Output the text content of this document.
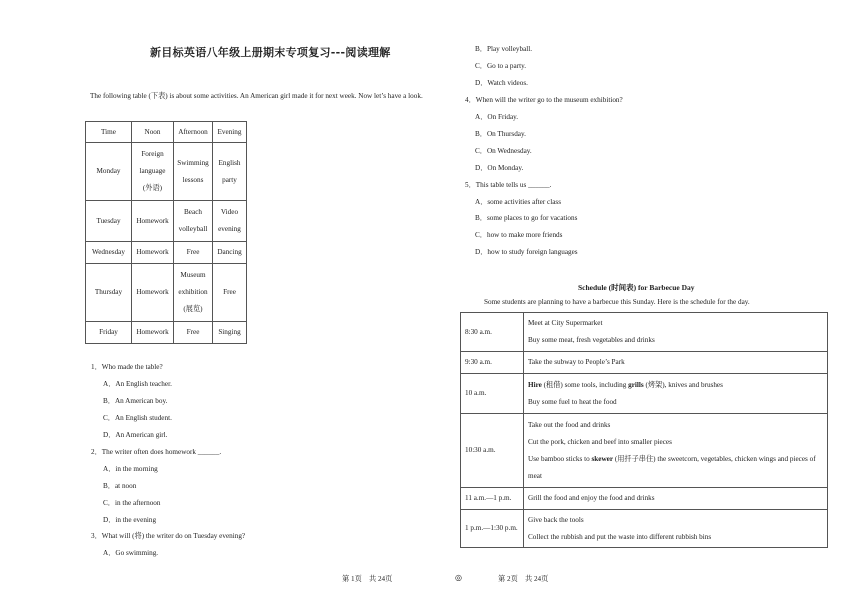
新目标英语八年级上册期末专项复习---阅读理解
The following table (下表) is about some activities. An American girl made it for next week. Now let’s have a look.
Time	Noon	Afternoon	Evening
Monday	Foreign language (外语)	Swimming lessons	English party
Tuesday	Homework	Beach volleyball	Video evening
Wednesday	Homework	Free	Dancing
Thursday	Homework	Museum exhibition (展览)	Free
Friday	Homework	Free	Singing
1．Who made the table?
A．An English teacher.
B．An American boy.
C．An English student.
D．An American girl.
2．The writer often does homework ______.
A．in the morning
B．at noon
C．in the afternoon
D．in the evening
3．What will (将) the writer do on Tuesday evening?
A．Go swimming.
第 1页　共 24页	◎
B．Play volleyball.
C．Go to a party.
D．Watch videos.
4．When will the writer go to the museum exhibition?
A．On Friday.
B．On Thursday.
C．On Wednesday.
D．On Monday.
5．This table tells us ______.
A．some activities after class
B．some places to go for vacations
C．how to make more friends
D．how to study foreign languages
Schedule (时间表) for Barbecue Day
Some students are planning to have a barbecue this Sunday. Here is the schedule for the day.
8:30 a.m.	Meet at City Supermarket
Buy some meat, fresh vegetables and drinks

9:30 a.m.	Take the subway to People’s Park

10 a.m.	Hire (租借) some tools, including grills (烤架), knives and brushes
Buy some fuel to heat the food

10:30 a.m.	Take out the food and drinks
Cut the pork, chicken and beef into smaller pieces
Use bamboo sticks to skewer (用扦子串住) the sweetcorn, vegetables, chicken wings and pieces of meat

11 a.m.—1 p.m.	Grill the food and enjoy the food and drinks

1 p.m.—1:30 p.m.	Give back the tools
Collect the rubbish and put the waste into different rubbish bins
第 2页　共 24页
